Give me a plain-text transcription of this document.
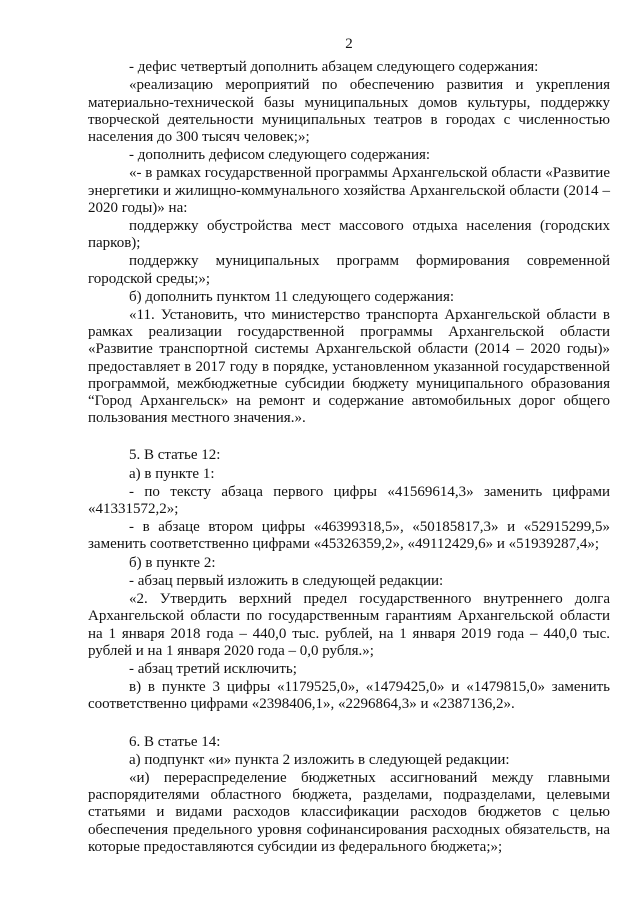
2

- дефис четвертый дополнить абзацем следующего содержания:

«реализацию мероприятий по обеспечению развития и укрепления материально-технической базы муниципальных домов культуры, поддержку творческой деятельности муниципальных театров в городах с численностью населения до 300 тысяч человек;»;

- дополнить дефисом следующего содержания:

«- в рамках государственной программы Архангельской области «Развитие энергетики и жилищно-коммунального хозяйства Архангельской области (2014 – 2020 годы)» на:

поддержку обустройства мест массового отдыха населения (городских парков);

поддержку муниципальных программ формирования современной городской среды;»;

б) дополнить пунктом 11 следующего содержания:

«11. Установить, что министерство транспорта Архангельской области в рамках реализации государственной программы Архангельской области «Развитие транспортной системы Архангельской области (2014 – 2020 годы)» предоставляет в 2017 году в порядке, установленном указанной государственной программой, межбюджетные субсидии бюджету муниципального образования “Город Архангельск» на ремонт и содержание автомобильных дорог общего пользования местного значения.».

5. В статье 12:

а) в пункте 1:

- по тексту абзаца первого цифры «41569614,3» заменить цифрами «41331572,2»;

- в абзаце втором цифры «46399318,5», «50185817,3» и «52915299,5» заменить соответственно цифрами «45326359,2», «49112429,6» и «51939287,4»;

б) в пункте 2:

- абзац первый изложить в следующей редакции:

«2. Утвердить верхний предел государственного внутреннего долга Архангельской области по государственным гарантиям Архангельской области на 1 января 2018 года – 440,0 тыс. рублей, на 1 января 2019 года – 440,0 тыс. рублей и на 1 января 2020 года – 0,0 рубля.»;

- абзац третий исключить;

в) в пункте 3 цифры «1179525,0», «1479425,0» и «1479815,0» заменить соответственно цифрами «2398406,1», «2296864,3» и «2387136,2».

6. В статье 14:

а) подпункт «и» пункта 2 изложить в следующей редакции:

«и) перераспределение бюджетных ассигнований между главными распорядителями областного бюджета, разделами, подразделами, целевыми статьями и видами расходов классификации расходов бюджетов с целью обеспечения предельного уровня софинансирования расходных обязательств, на которые предоставляются субсидии из федерального бюджета;»;
